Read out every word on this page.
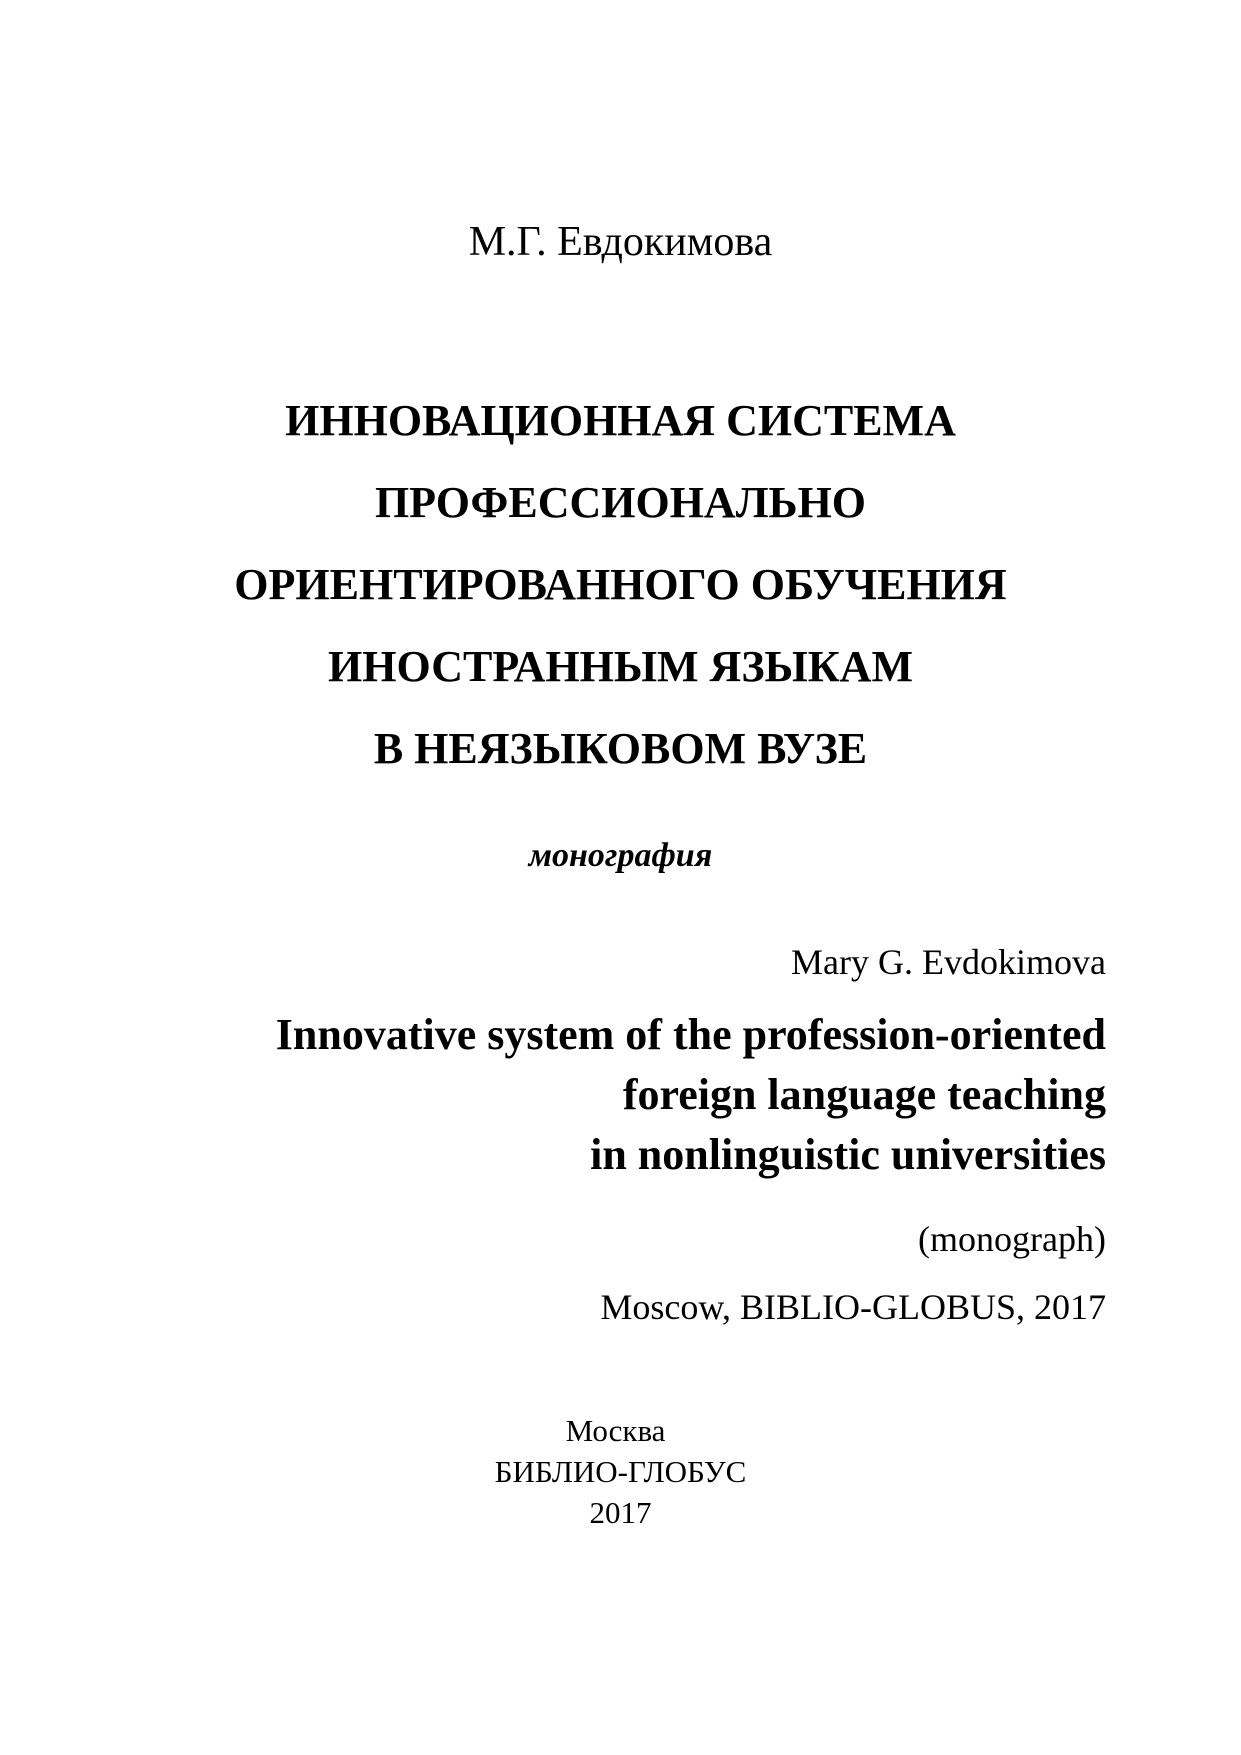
М.Г. Евдокимова
ИННОВАЦИОННАЯ СИСТЕМА
ПРОФЕССИОНАЛЬНО
ОРИЕНТИРОВАННОГО ОБУЧЕНИЯ
ИНОСТРАННЫМ ЯЗЫКАМ
В НЕЯЗЫКОВОМ ВУЗЕ
монография
Mary G. Evdokimova
Innovative system of the profession-oriented
foreign language teaching
in nonlinguistic universities
(monograph)
Moscow, BIBLIO-GLOBUS, 2017
Москва
БИБЛИО-ГЛОБУС
2017
